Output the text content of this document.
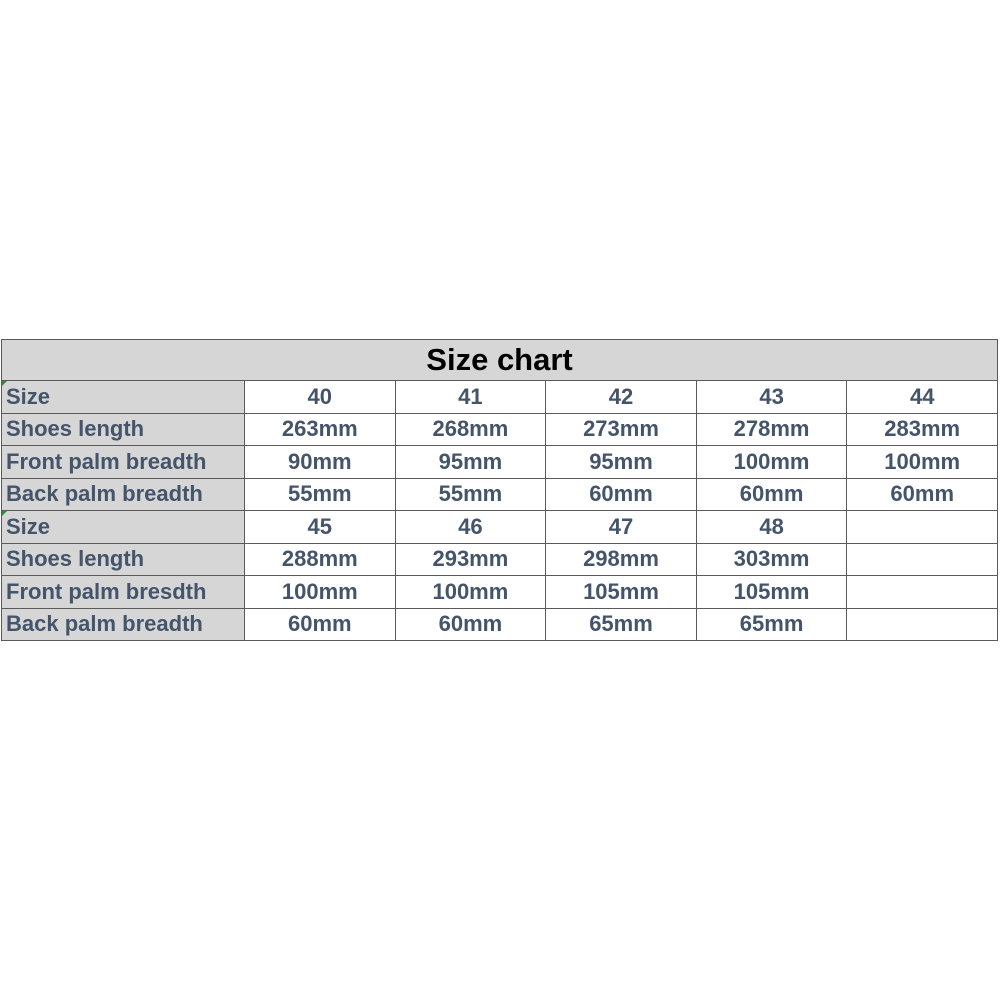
Size chart					

Size	40	41	42	43	44
Shoes length	263mm	268mm	273mm	278mm	283mm
Front palm breadth	90mm	95mm	95mm	100mm	100mm
Back palm breadth	55mm	55mm	60mm	60mm	60mm

Size	45	46	47	48	
Shoes length	288mm	293mm	298mm	303mm	
Front palm bresdth	100mm	100mm	105mm	105mm	
Back palm breadth	60mm	60mm	65mm	65mm	
